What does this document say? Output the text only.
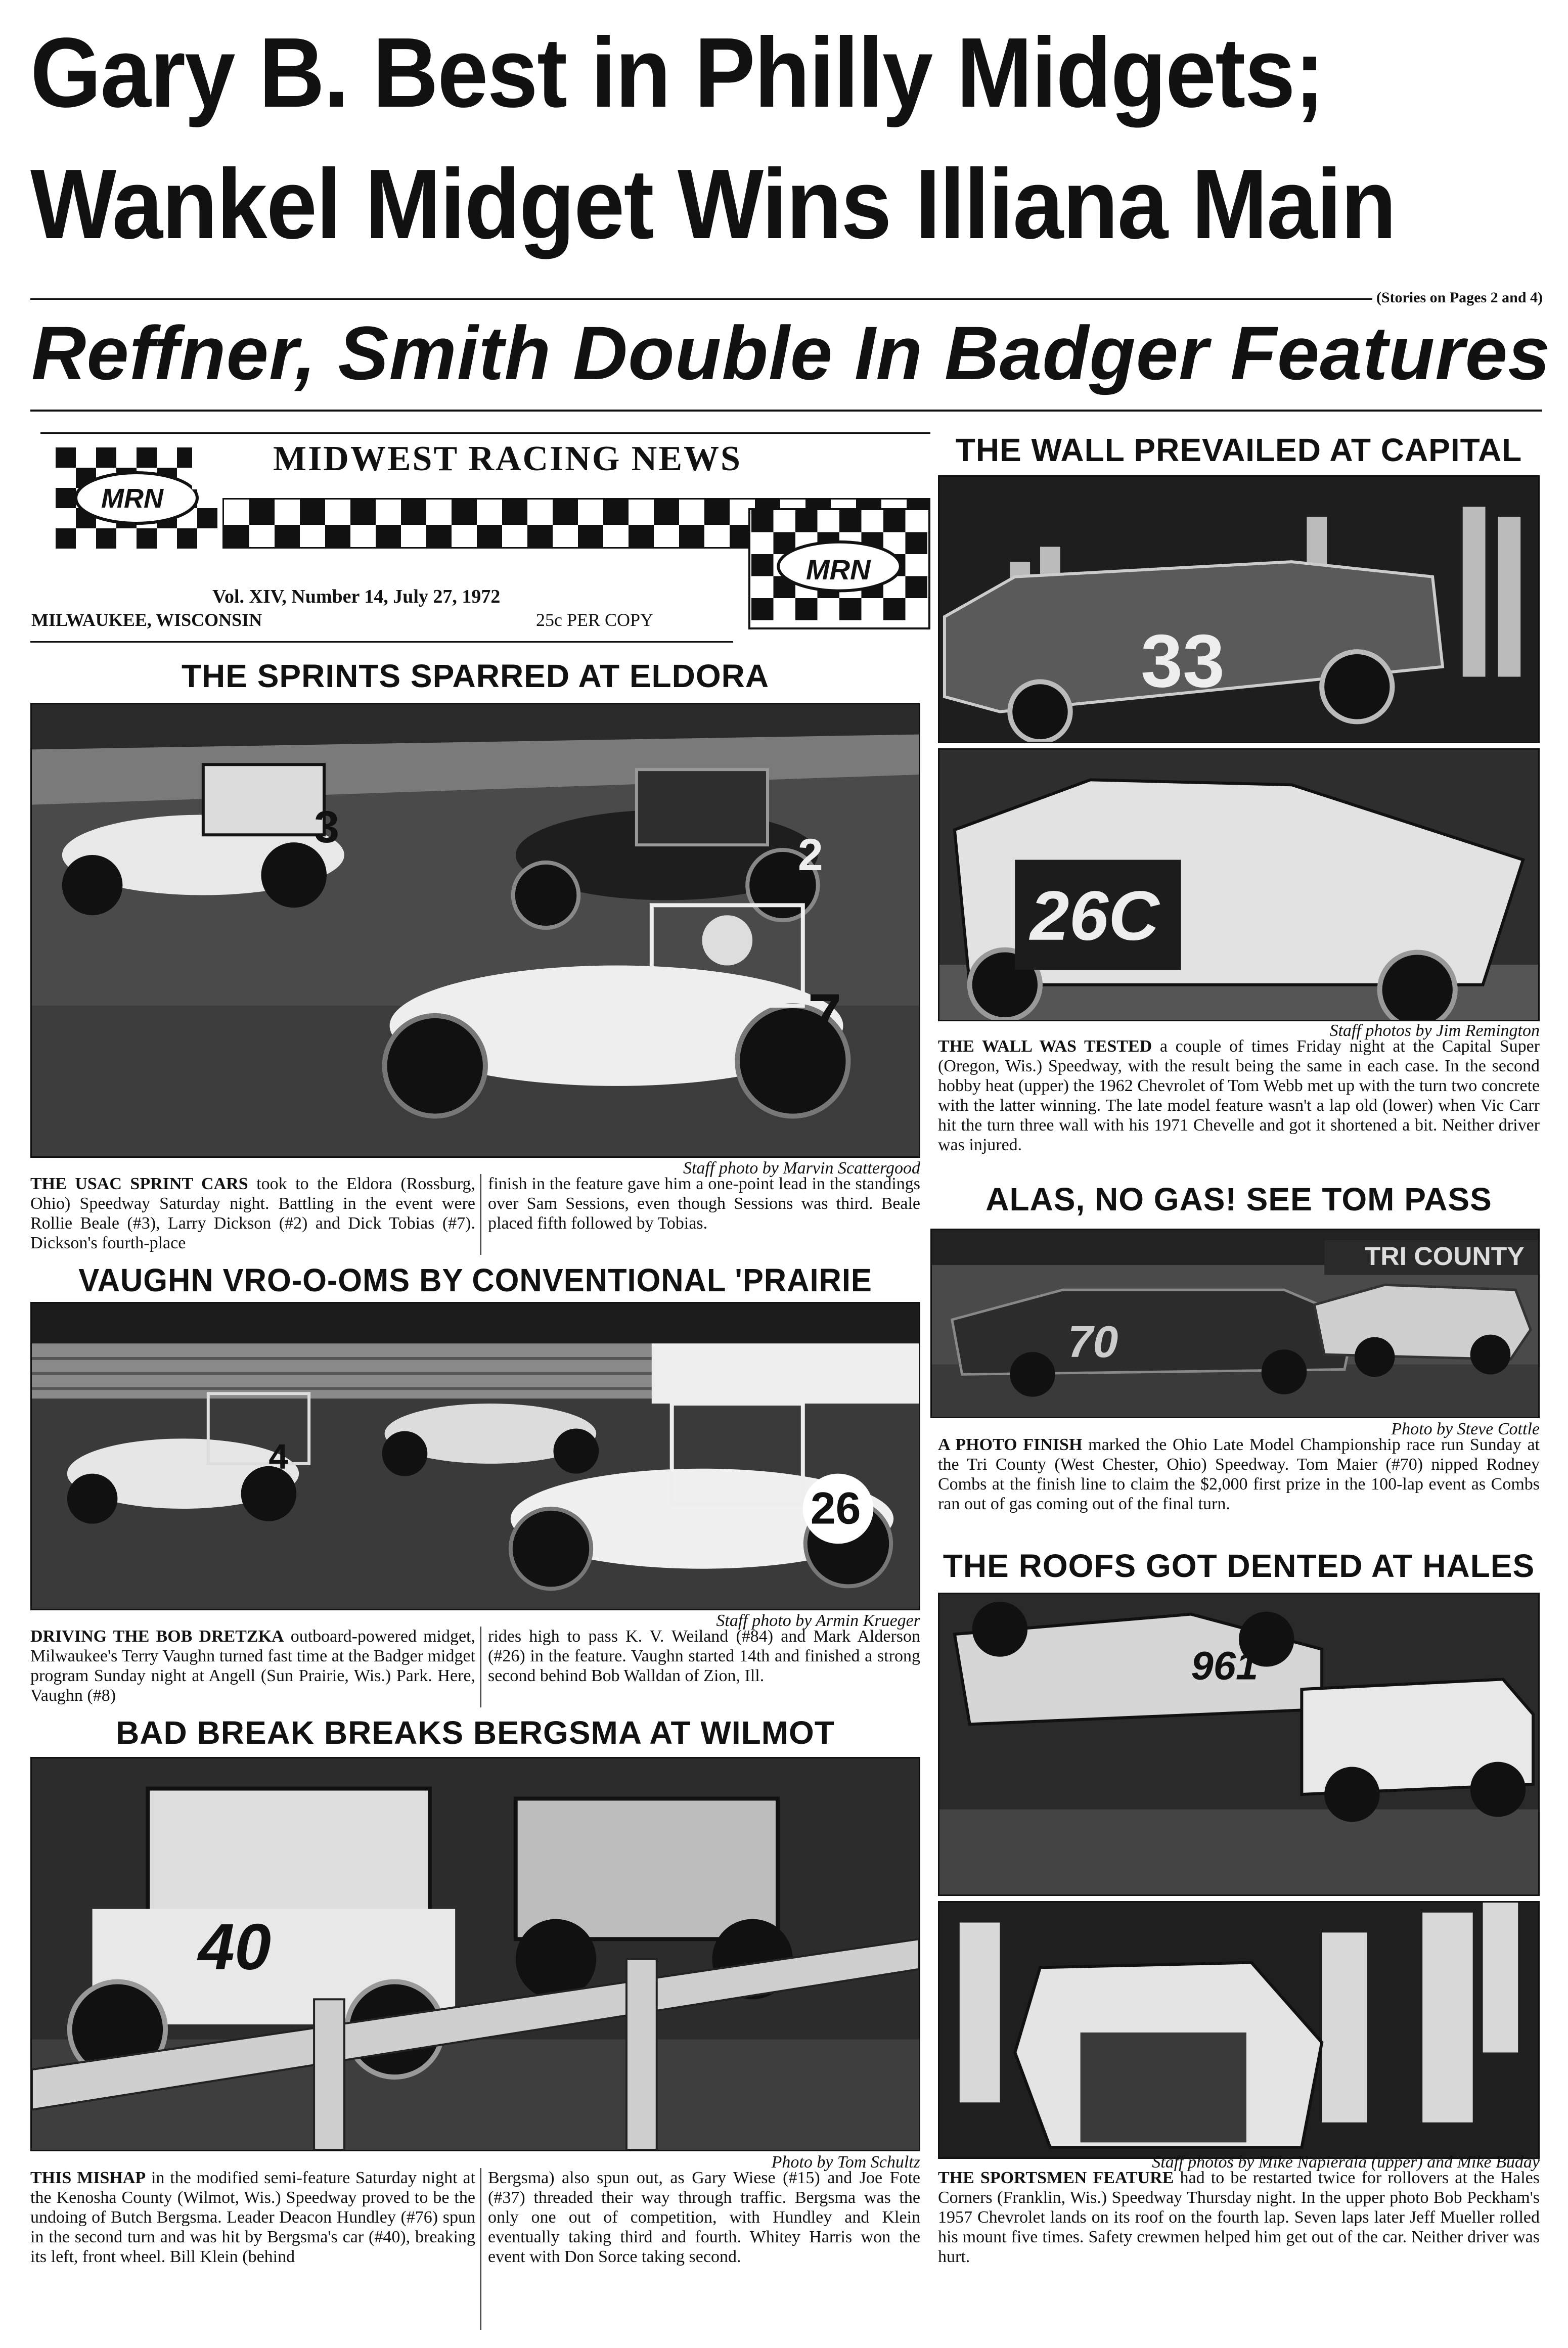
Gary B. Best in Philly Midgets;
Wankel Midget Wins Illiana Main
(Stories on Pages 2 and 4)
Reffner, Smith Double In Badger Features
MRN
MRN
MIDWEST RACING NEWS
Vol. XIV, Number 14, July 27, 1972
MILWAUKEE, WISCONSIN	25c PER COPY
THE SPRINTS SPARRED AT ELDORA
3
2
7
Staff photo by Marvin Scattergood
THE USAC SPRINT CARS took to the Eldora (Rossburg, Ohio) Speedway Saturday night. Battling in the event were Rollie Beale (#3), Larry Dickson (#2) and Dick Tobias (#7). Dickson's fourth-place
finish in the feature gave him a one-point lead in the standings over Sam Sessions, even though Sessions was third. Beale placed fifth followed by Tobias.
VAUGHN VRO-O-OMS BY CONVENTIONAL 'PRAIRIE
4
26
Staff photo by Armin Krueger
DRIVING THE BOB DRETZKA outboard-powered midget, Milwaukee's Terry Vaughn turned fast time at the Badger midget program Sunday night at Angell (Sun Prairie, Wis.) Park. Here, Vaughn (#8)
rides high to pass K. V. Weiland (#84) and Mark Alderson (#26) in the feature. Vaughn started 14th and finished a strong second behind Bob Walldan of Zion, Ill.
BAD BREAK BREAKS BERGSMA AT WILMOT
40
Photo by Tom Schultz
THIS MISHAP in the modified semi-feature Saturday night at the Kenosha County (Wilmot, Wis.) Speedway proved to be the undoing of Butch Bergsma. Leader Deacon Hundley (#76) spun in the second turn and was hit by Bergsma's car (#40), breaking its left, front wheel. Bill Klein (behind
Bergsma) also spun out, as Gary Wiese (#15) and Joe Fote (#37) threaded their way through traffic. Bergsma was the only one out of competition, with Hundley and Klein eventually taking third and fourth. Whitey Harris won the event with Don Sorce taking second.
THE WALL PREVAILED AT CAPITAL
33
26C
Staff photos by Jim Remington
THE WALL WAS TESTED a couple of times Friday night at the Capital Super (Oregon, Wis.) Speedway, with the result being the same in each case. In the second hobby heat (upper) the 1962 Chevrolet of Tom Webb met up with the turn two concrete with the latter winning. The late model feature wasn't a lap old (lower) when Vic Carr hit the turn three wall with his 1971 Chevelle and got it shortened a bit. Neither driver was injured.
ALAS, NO GAS! SEE TOM PASS
TRI COUNTY
70
Photo by Steve Cottle
A PHOTO FINISH marked the Ohio Late Model Championship race run Sunday at the Tri County (West Chester, Ohio) Speedway. Tom Maier (#70) nipped Rodney Combs at the finish line to claim the $2,000 first prize in the 100-lap event as Combs ran out of gas coming out of the final turn.
THE ROOFS GOT DENTED AT HALES
961
Staff photos by Mike Napierala (upper) and Mike Buday
THE SPORTSMEN FEATURE had to be restarted twice for rollovers at the Hales Corners (Franklin, Wis.) Speedway Thursday night. In the upper photo Bob Peckham's 1957 Chevrolet lands on its roof on the fourth lap. Seven laps later Jeff Mueller rolled his mount five times. Safety crewmen helped him get out of the car. Neither driver was hurt.
